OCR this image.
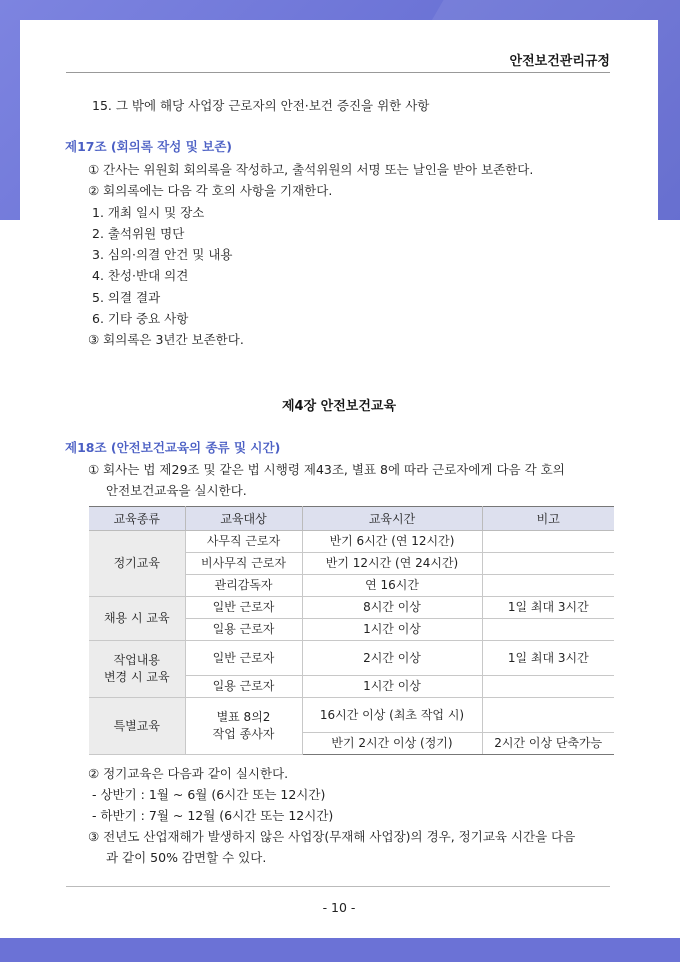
안전보건관리규정
15. 그 밖에 해당 사업장 근로자의 안전·보건 증진을 위한 사항
제17조 (회의록 작성 및 보존)
① 간사는 위원회 회의록을 작성하고, 출석위원의 서명 또는 날인을 받아 보존한다.
② 회의록에는 다음 각 호의 사항을 기재한다.
1. 개최 일시 및 장소
2. 출석위원 명단
3. 심의·의결 안건 및 내용
4. 찬성·반대 의견
5. 의결 결과
6. 기타 중요 사항
③ 회의록은 3년간 보존한다.
제4장 안전보건교육
제18조 (안전보건교육의 종류 및 시간)
① 회사는 법 제29조 및 같은 법 시행령 제43조, 별표 8에 따라 근로자에게 다음 각 호의
안전보건교육을 실시한다.
교육종류	교육대상	교육시간	비고
정기교육	사무직 근로자	반기 6시간 (연 12시간)	
	비사무직 근로자	반기 12시간 (연 24시간)	
	관리감독자	연 16시간	
채용 시 교육	일반 근로자	8시간 이상	1일 최대 3시간
	일용 근로자	1시간 이상	

작업내용
변경 시 교육	일반 근로자	2시간 이상	1일 최대 3시간
	일용 근로자	1시간 이상	
특별교육	별표 8의2
작업 종사자	16시간 이상 (최초 작업 시)	
		반기 2시간 이상 (정기)	2시간 이상 단축가능
② 정기교육은 다음과 같이 실시한다.
- 상반기 : 1월 ~ 6월 (6시간 또는 12시간)
- 하반기 : 7월 ~ 12월 (6시간 또는 12시간)
③ 전년도 산업재해가 발생하지 않은 사업장(무재해 사업장)의 경우, 정기교육 시간을 다음
과 같이 50% 감면할 수 있다.
- 10 -
